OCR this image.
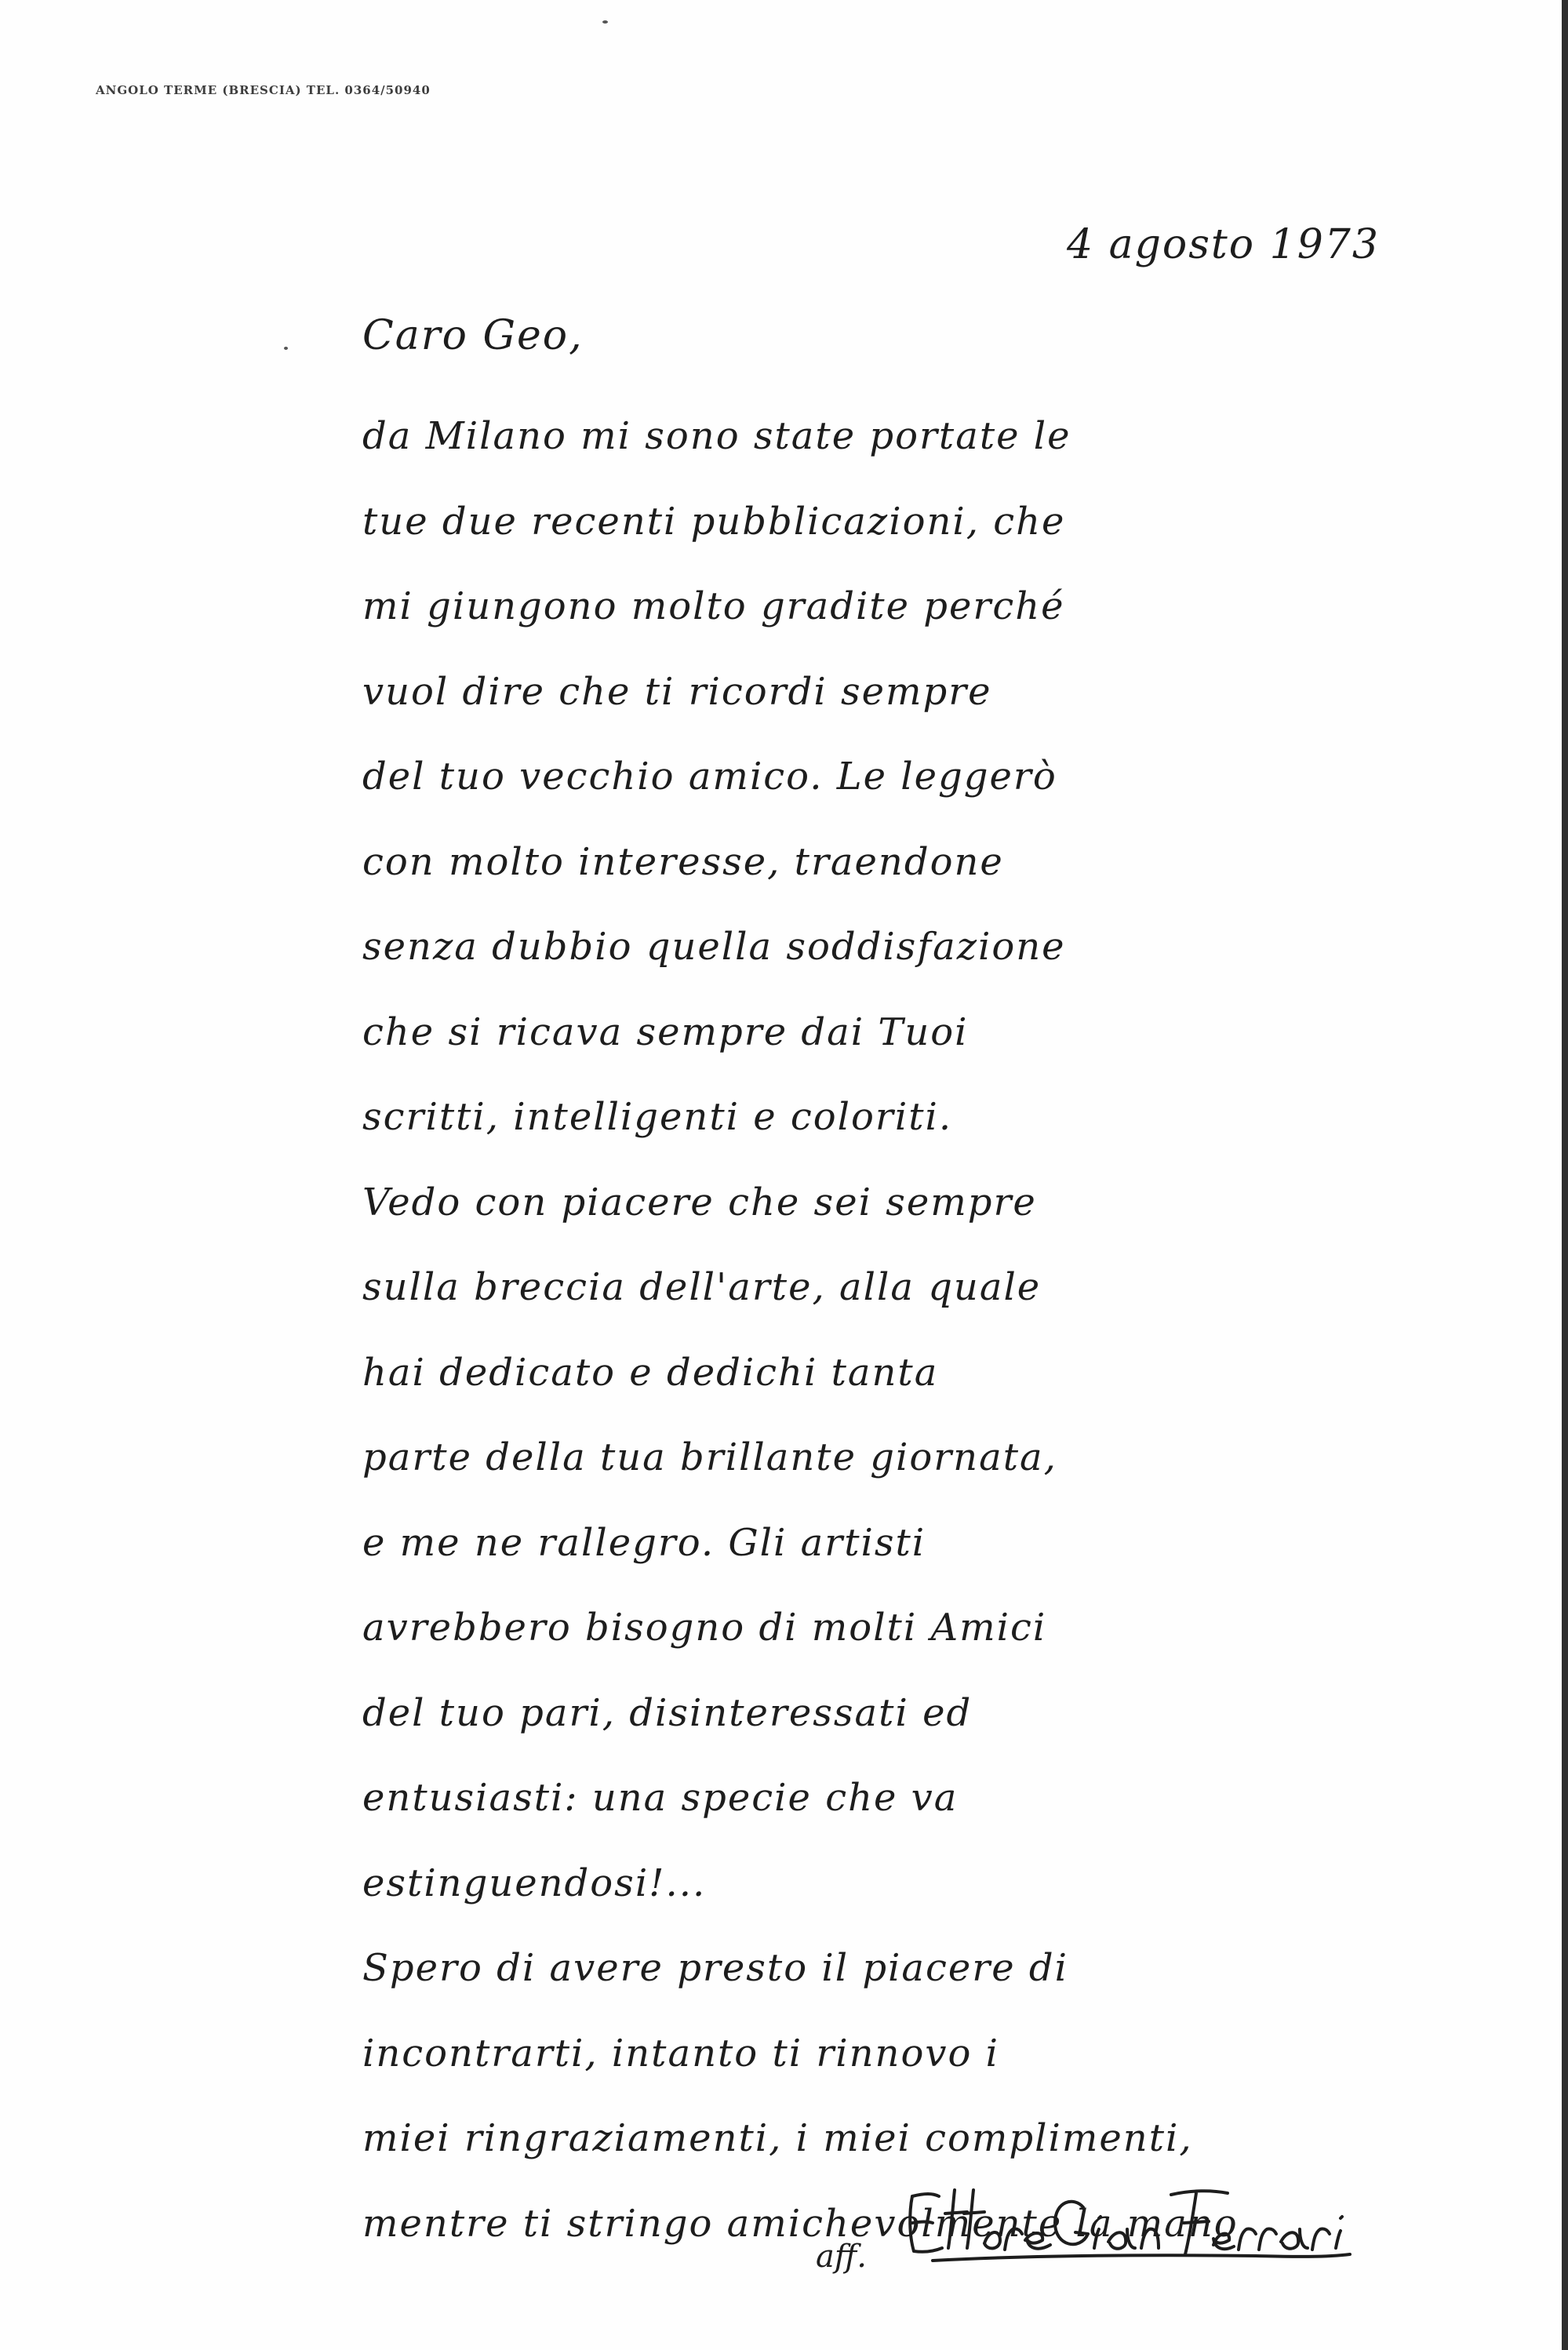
ANGOLO TERME (BRESCIA) TEL. 0364/50940
4 agosto 1973
Caro Geo,
da Milano mi sono state portate le
tue due recenti pubblicazioni, che
mi giungono molto gradite perché
vuol dire che ti ricordi sempre
del tuo vecchio amico. Le leggerò
con molto interesse, traendone
senza dubbio quella soddisfazione
che si ricava sempre dai Tuoi
scritti, intelligenti e coloriti.
Vedo con piacere che sei sempre
sulla breccia dell'arte, alla quale
hai dedicato e dedichi tanta
parte della tua brillante giornata,
e me ne rallegro. Gli artisti
avrebbero bisogno di molti Amici
del tuo pari, disinteressati ed
entusiasti: una specie che va
estinguendosi!...
Spero di avere presto il piacere di
incontrarti, intanto ti rinnovo i
miei ringraziamenti, i miei complimenti,
mentre ti stringo amichevolmente la mano
aff.
